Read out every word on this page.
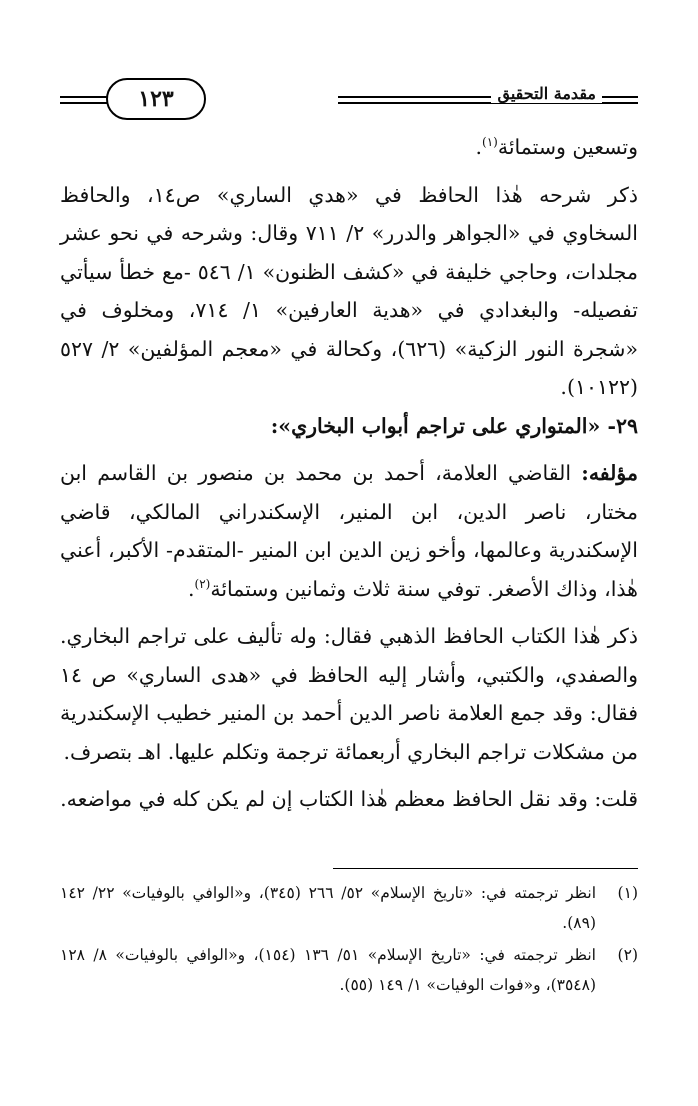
مقدمة التحقيق
١٢٣

وتسعين وستمائة$^{(١)}$.

ذكر شرحه هٰذا الحافظ في «هدي الساري» ص١٤، والحافظ السخاوي في «الجواهر والدرر» ٢/ ٧١١ وقال: وشرحه في نحو عشر مجلدات، وحاجي خليفة في «كشف الظنون» ١/ ٥٤٦ -مع خطأ سيأتي تفصيله- والبغدادي في «هدية العارفين» ١/ ٧١٤، ومخلوف في «شجرة النور الزكية» (٦٢٦)، وكحالة في «معجم المؤلفين» ٢/ ٥٢٧ (١٠١٢٢).

٢٩- «المتواري على تراجم أبواب البخاري»:

مؤلفه: القاضي العلامة، أحمد بن محمد بن منصور بن القاسم ابن مختار، ناصر الدين، ابن المنير، الإسكندراني المالكي، قاضي الإسكندرية وعالمها، وأخو زين الدين ابن المنير -المتقدم- الأكبر، أعني هٰذا، وذاك الأصغر. توفي سنة ثلاث وثمانين وستمائة$^{(٢)}$.

ذكر هٰذا الكتاب الحافظ الذهبي فقال: وله تأليف على تراجم البخاري. والصفدي، والكتبي، وأشار إليه الحافظ في «هدى الساري» ص ١٤ فقال: وقد جمع العلامة ناصر الدين أحمد بن المنير خطيب الإسكندرية من مشكلات تراجم البخاري أربعمائة ترجمة وتكلم عليها. اهـ بتصرف.

قلت: وقد نقل الحافظ معظم هٰذا الكتاب إن لم يكن كله في مواضعه.

(١)
انظر ترجمته في: «تاريخ الإسلام» ٥٢/ ٢٦٦ (٣٤٥)، و«الوافي بالوفيات» ٢٢/ ١٤٢ (٨٩).
(٢)
انظر ترجمته في: «تاريخ الإسلام» ٥١/ ١٣٦ (١٥٤)، و«الوافي بالوفيات» ٨/ ١٢٨ (٣٥٤٨)، و«فوات الوفيات» ١/ ١٤٩ (٥٥).
